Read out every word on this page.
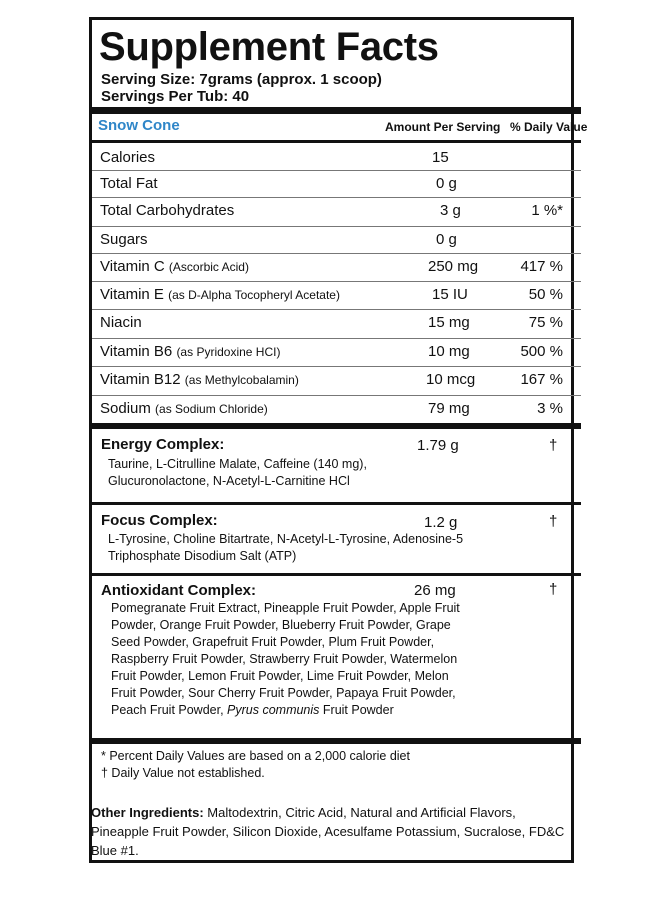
Supplement Facts
Serving Size: 7grams (approx. 1 scoop)
Servings Per Tub: 40
Snow Cone	Amount Per Serving % Daily Value
Calories	15
Total Fat	0 g
Total Carbohydrates	3 g	1 %*
Sugars	0 g
Vitamin C (Ascorbic Acid)	250 mg	417 %
Vitamin E (as D-Alpha Tocopheryl Acetate)	15 IU	50 %
Niacin	15 mg	75 %
Vitamin B6 (as Pyridoxine HCI)	10 mg	500 %
Vitamin B12 (as Methylcobalamin)	10 mcg	167 %
Sodium (as Sodium Chloride)	79 mg	3 %
Energy Complex:	1.79 g	†
Taurine, L-Citrulline Malate, Caffeine (140 mg), Glucuronolactone, N-Acetyl-L-Carnitine HCl
Focus Complex:	1.2 g	†
L-Tyrosine, Choline Bitartrate, N-Acetyl-L-Tyrosine, Adenosine-5 Triphosphate Disodium Salt (ATP)
Antioxidant Complex:	26 mg	†
Pomegranate Fruit Extract, Pineapple Fruit Powder, Apple Fruit Powder, Orange Fruit Powder, Blueberry Fruit Powder, Grape Seed Powder, Grapefruit Fruit Powder, Plum Fruit Powder, Raspberry Fruit Powder, Strawberry Fruit Powder, Watermelon Fruit Powder, Lemon Fruit Powder, Lime Fruit Powder, Melon Fruit Powder, Sour Cherry Fruit Powder, Papaya Fruit Powder, Peach Fruit Powder, Pyrus communis Fruit Powder
* Percent Daily Values are based on a 2,000 calorie diet
† Daily Value not established.
Other Ingredients: Maltodextrin, Citric Acid, Natural and Artificial Flavors, Pineapple Fruit Powder, Silicon Dioxide, Acesulfame Potassium, Sucralose, FD&C Blue #1.
